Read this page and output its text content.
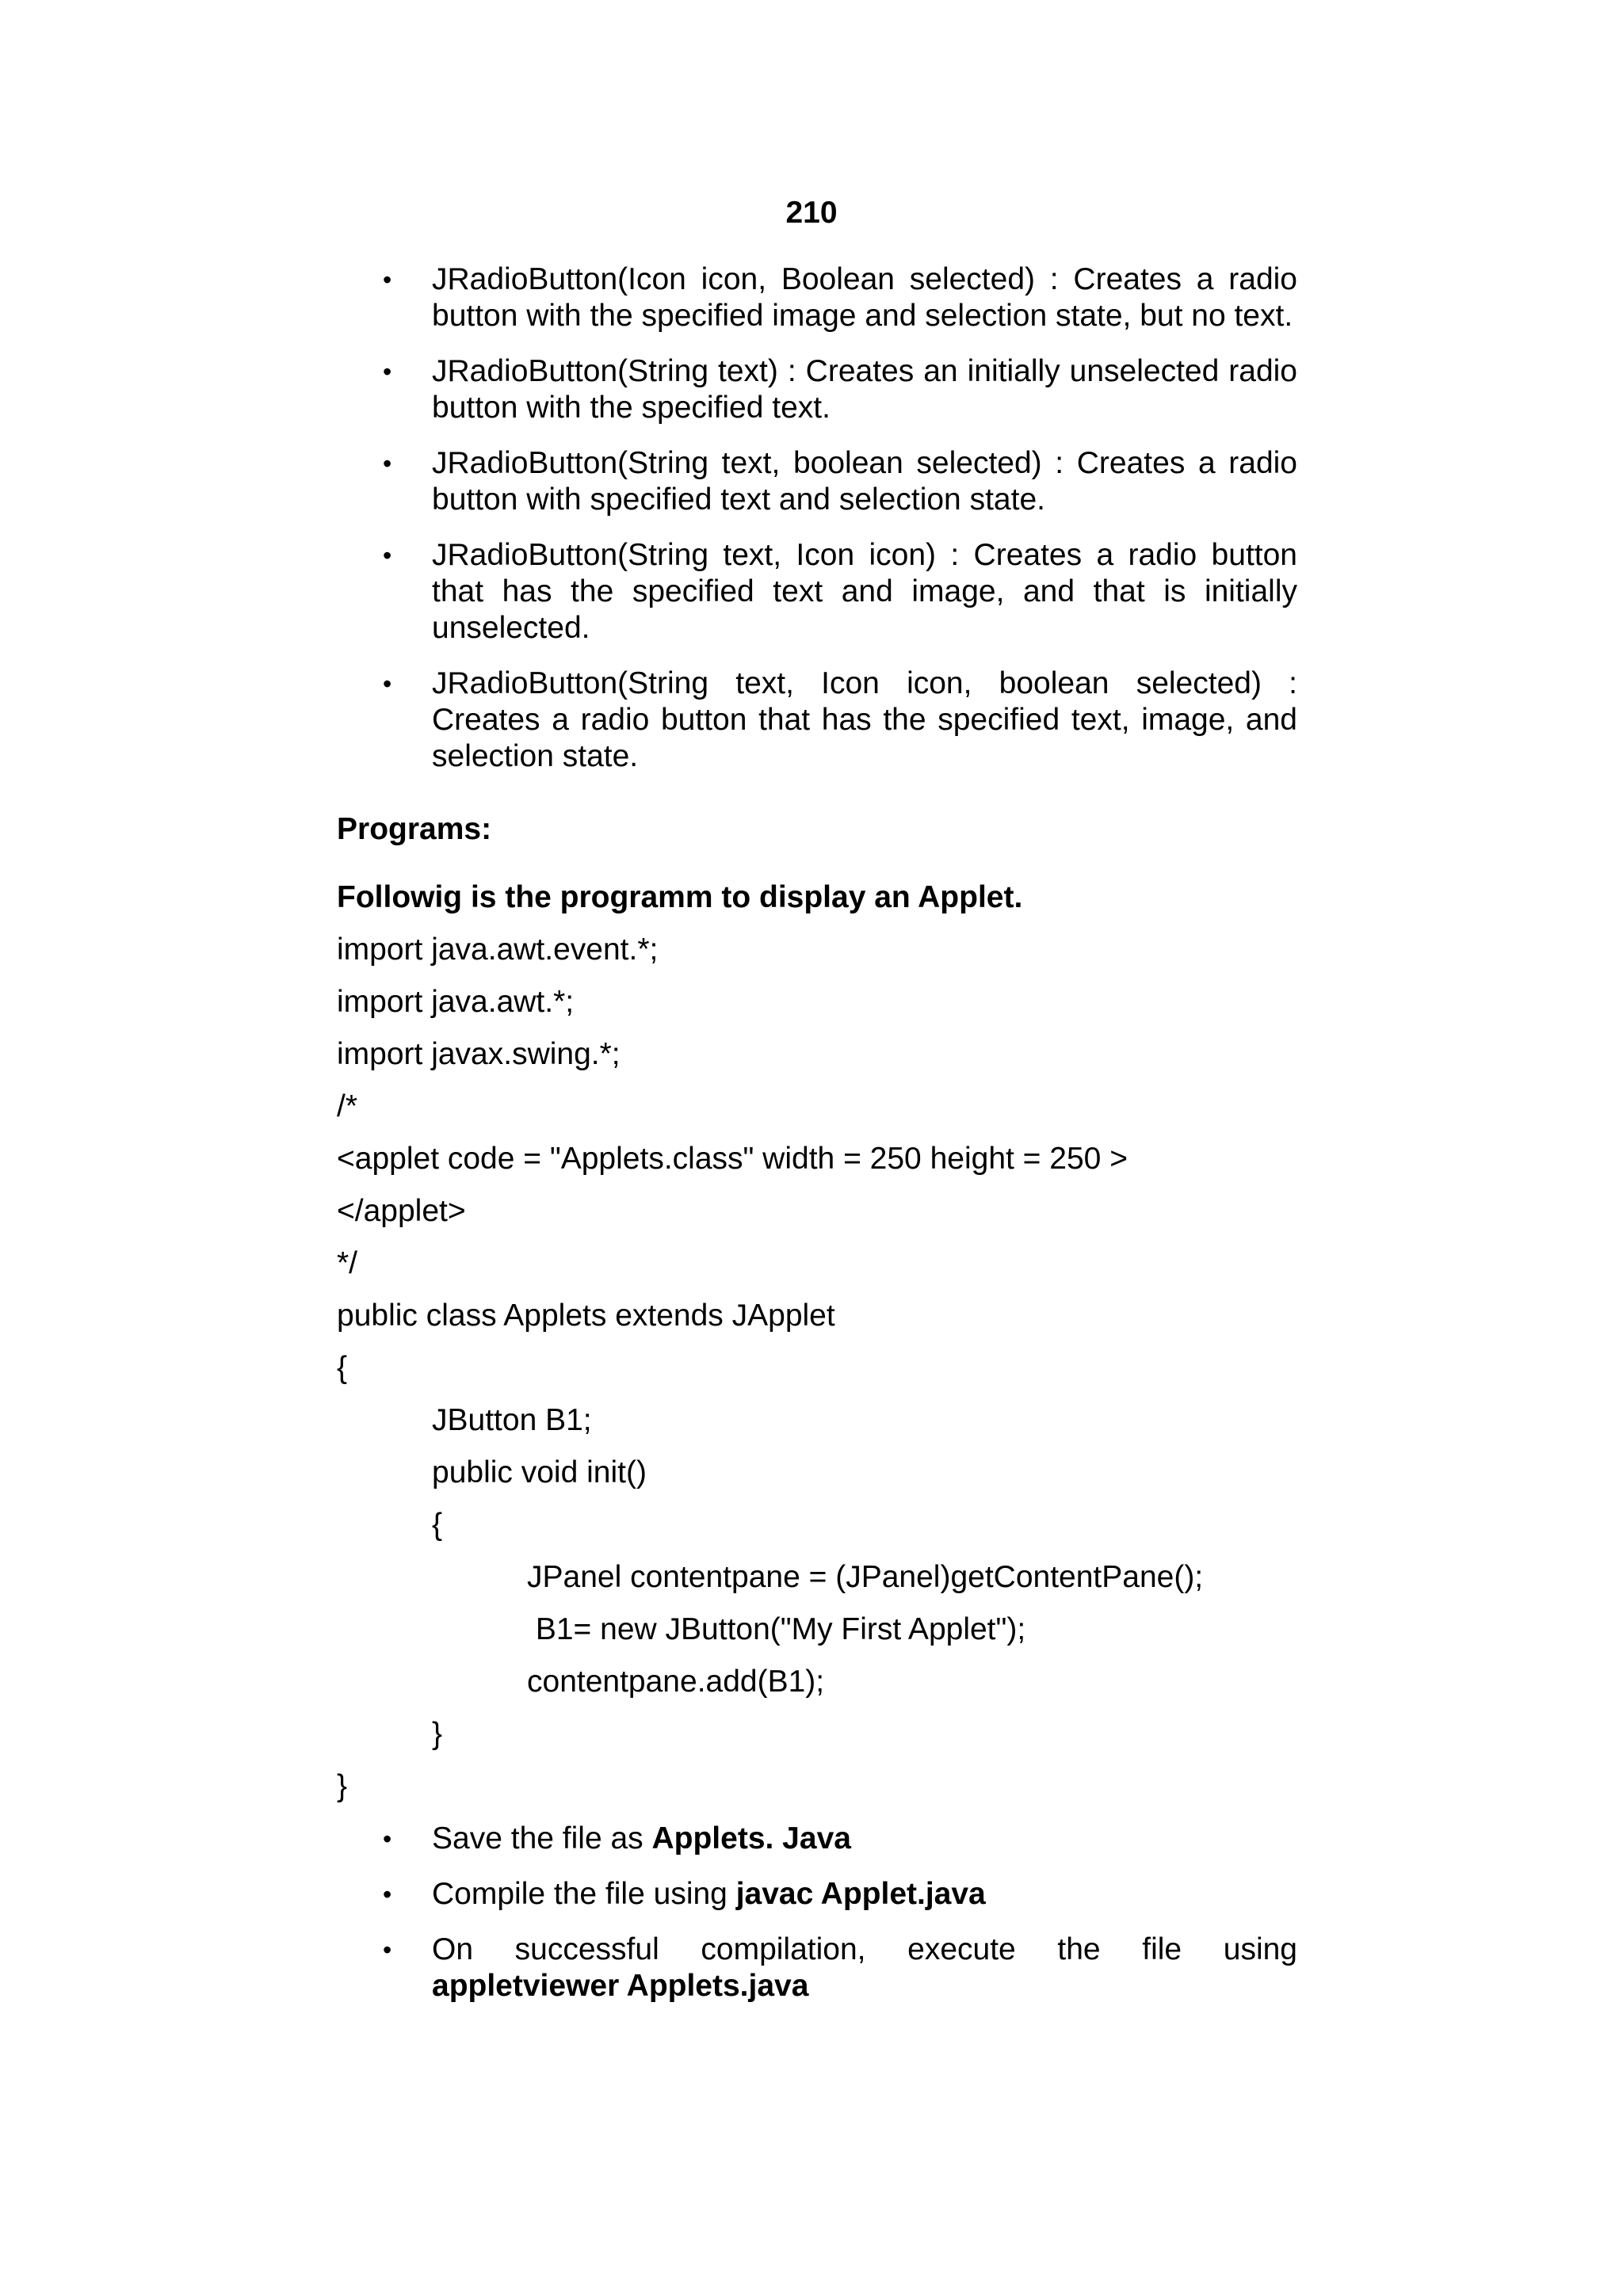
210
• JRadioButton(Icon icon, Boolean selected) : Creates a radio button with the specified image and selection state, but no text.
• JRadioButton(String text) : Creates an initially unselected radio button with the specified text.
• JRadioButton(String text, boolean selected) : Creates a radio button with specified text and selection state.
• JRadioButton(String text, Icon icon) : Creates a radio button that has the specified text and image, and that is initially unselected.
• JRadioButton(String text, Icon icon, boolean selected) : Creates a radio button that has the specified text, image, and selection state.
Programs:
Followig is the programm to display an Applet.
import java.awt.event.*;
import java.awt.*;
import javax.swing.*;
/*
<applet code = "Applets.class" width = 250 height = 250 >
</applet>
*/
public class Applets extends JApplet
{
JButton B1;
public void init()
{
JPanel contentpane = (JPanel)getContentPane();
B1= new JButton("My First Applet");
contentpane.add(B1);
}
}
• Save the file as Applets. Java
• Compile the file using javac Applet.java
• On successful compilation, execute the file using
appletviewer Applets.java
